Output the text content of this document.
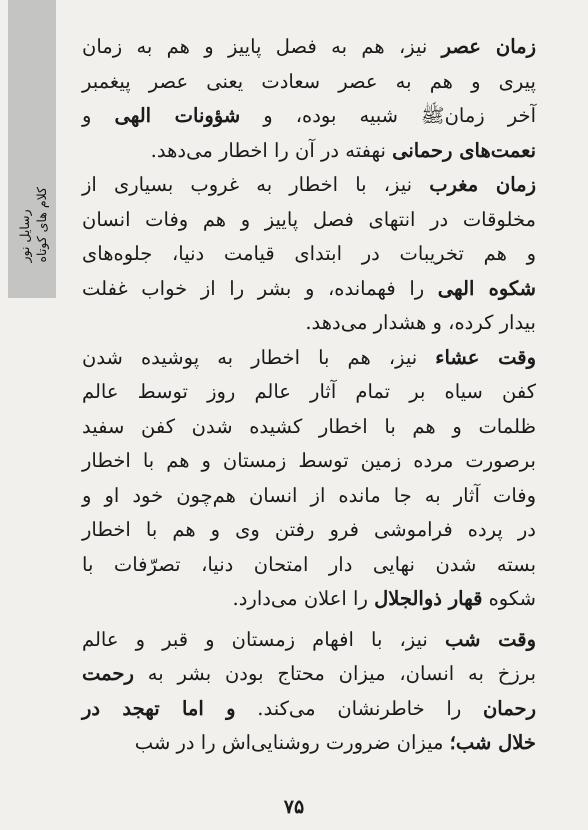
رسایل نور کلام های کوتاه
زمان عصر نیز، هم به فصل پاییز و هم به زمان
پیری و هم به عصر سعادت یعنی عصر پیغمبر
آخر زمانﷺ شبیه بوده، و شؤونات الهی و
نعمت‌های رحمانی نهفته در آن را اخطار می‌دهد.
زمان مغرب نیز، با اخطار به غروب بسیاری از
مخلوقات در انتهای فصل پاییز و هم وفات انسان
و هم تخریبات در ابتدای قیامت دنیا، جلوه‌های
شکوه الهی را فهمانده، و بشر را از خواب غفلت
بیدار کرده، و هشدار می‌دهد.
وقت عشاء نیز، هم با اخطار به پوشیده شدن
کفن سیاه بر تمام آثار عالم روز توسط عالم
ظلمات و هم با اخطار کشیده شدن کفن سفید
برصورت مرده زمین توسط زمستان و هم با اخطار
وفات آثار به جا مانده از انسان هم‌چون خود او و
در پرده فراموشی فرو رفتن وی و هم با اخطار
بسته شدن نهایی دار امتحان دنیا، تصرّفات با
شکوه قهار ذوالجلال را اعلان می‌دارد.
وقت شب نیز، با افهام زمستان و قبر و عالم
برزخ به انسان، میزان محتاج بودن بشر به رحمت
رحمان را خاطرنشان می‌کند. و اما تهجد در
خلال شب؛ میزان ضرورت روشنایی‌اش را در شب
۷۵
